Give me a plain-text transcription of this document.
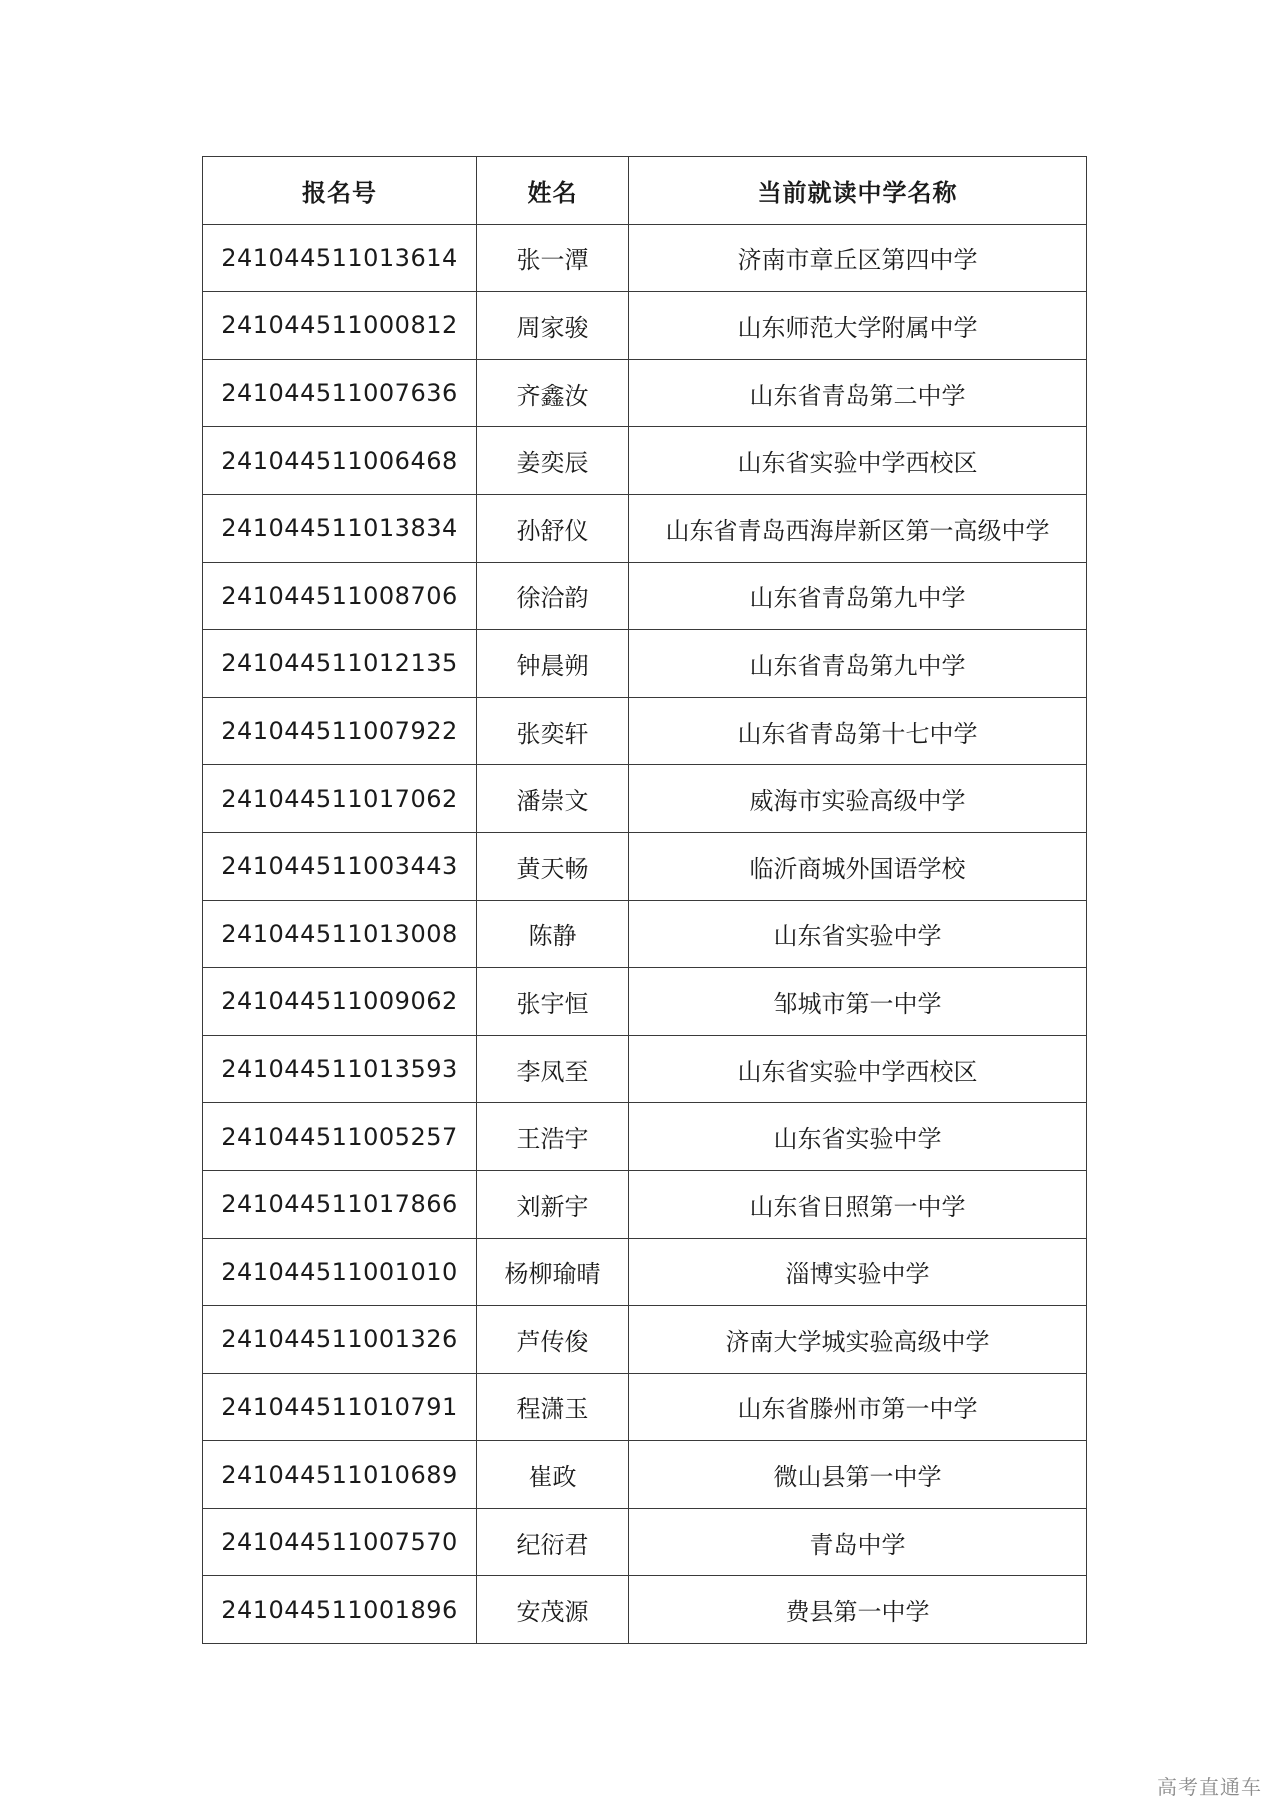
报名号	姓名	当前就读中学名称
241044511013614	张一潭	济南市章丘区第四中学
241044511000812	周家骏	山东师范大学附属中学
241044511007636	齐鑫汝	山东省青岛第二中学
241044511006468	姜奕辰	山东省实验中学西校区
241044511013834	孙舒仪	山东省青岛西海岸新区第一高级中学
241044511008706	徐洽韵	山东省青岛第九中学
241044511012135	钟晨朔	山东省青岛第九中学
241044511007922	张奕轩	山东省青岛第十七中学
241044511017062	潘崇文	威海市实验高级中学
241044511003443	黄天畅	临沂商城外国语学校
241044511013008	陈静	山东省实验中学
241044511009062	张宇恒	邹城市第一中学
241044511013593	李凤至	山东省实验中学西校区
241044511005257	王浩宇	山东省实验中学
241044511017866	刘新宇	山东省日照第一中学
241044511001010	杨柳瑜晴	淄博实验中学
241044511001326	芦传俊	济南大学城实验高级中学
241044511010791	程潇玉	山东省滕州市第一中学
241044511010689	崔政	微山县第一中学
241044511007570	纪衍君	青岛中学
241044511001896	安茂源	费县第一中学
高考直通车
